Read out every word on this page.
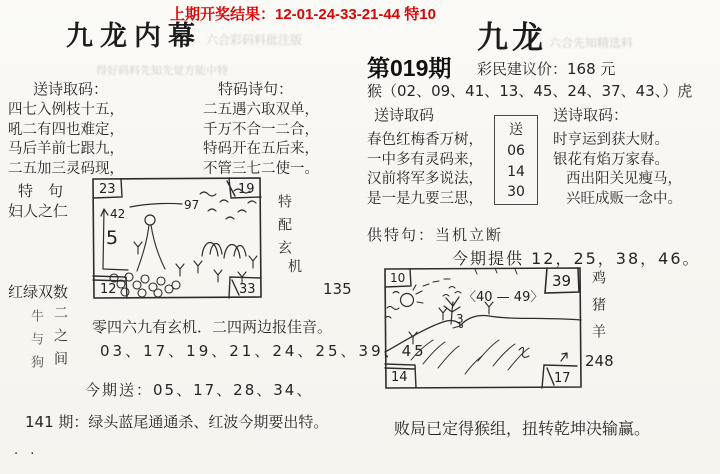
上期开奖结果：12-01-24-33-21-44 特10
九龙内幕 六合彩码料批注版
得好码料先知先觉方能中特
送诗取码：	特码诗句：
四七入例枝十五，
吼二有四也难定，
马后羊前七跟九，
二五加三灵码现，
二五遇六取双单，
千万不合一二合，
特码开在五后来，
不管三七二使一。
特　句
妇人之仁
23	19
12	33
42
97
5	特配玄
机
135
红绿双数
牛与狗 二之间 零四六九有玄机．二四两边报佳音。
03、17、19、21、24、25、39、45
今期送：05、17、28、34、
141 期：绿头蓝尾通通杀、红波今期要出特。
· ·
九龙 六合先知精选料
第019期 彩民建议价：168 元
猴（02、09、41、13、45、24、37、43、）虎
送诗取码	送诗取码：
春色红梅香万树，
一中多有灵码来，
汉前将军多说法，
是一是九要三思，
送
06
14
30
时亨运到获大财。
银花有焰万家春。
西出阳关见瘦马，
兴旺成贩一念中。
供特句：当机立断
今期提供 12，25，38，46。
10	39
14	17
〈40 — 49〉
3	鸡猪羊
248
败局已定得猴组，扭转乾坤决输赢。
